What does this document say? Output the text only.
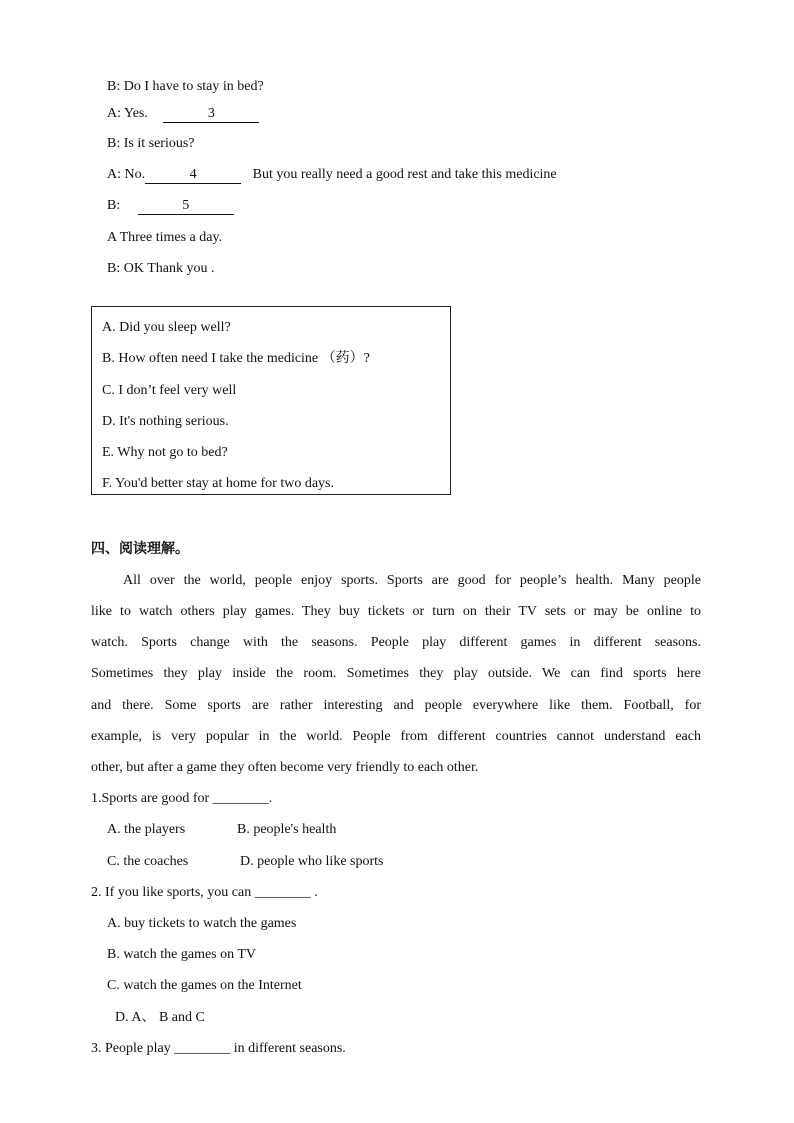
B: Do I have to stay in bed?
A: Yes.	3
B: Is it serious?
A: No.	4	But you really need a good rest and take this medicine
B:	5
A Three times a day.
B: OK Thank you .
A. Did you sleep well?
B. How often need I take the medicine （药）?
C. I don’t feel very well
D. It's nothing serious.
E. Why not go to bed?
F. You'd better stay at home for two days.
四、阅读理解。
All over the world, people enjoy sports. Sports are good for people’s health. Many people
like to watch others play games. They buy tickets or turn on their TV sets or may be online to
watch. Sports change with the seasons. People play different games in different seasons.
Sometimes they play inside the room. Sometimes they play outside. We can find sports here
and there. Some sports are rather interesting and people everywhere like them. Football, for
example, is very popular in the world. People from different countries cannot understand each
other, but after a game they often become very friendly to each other.
1.Sports are good for ________.
A. the players	B. people's health
C. the coaches	D. people who like sports
2. If you like sports, you can ________ .
A. buy tickets to watch the games
B. watch the games on TV
C. watch the games on the Internet
D. A、 B and C
3. People play ________ in different seasons.
